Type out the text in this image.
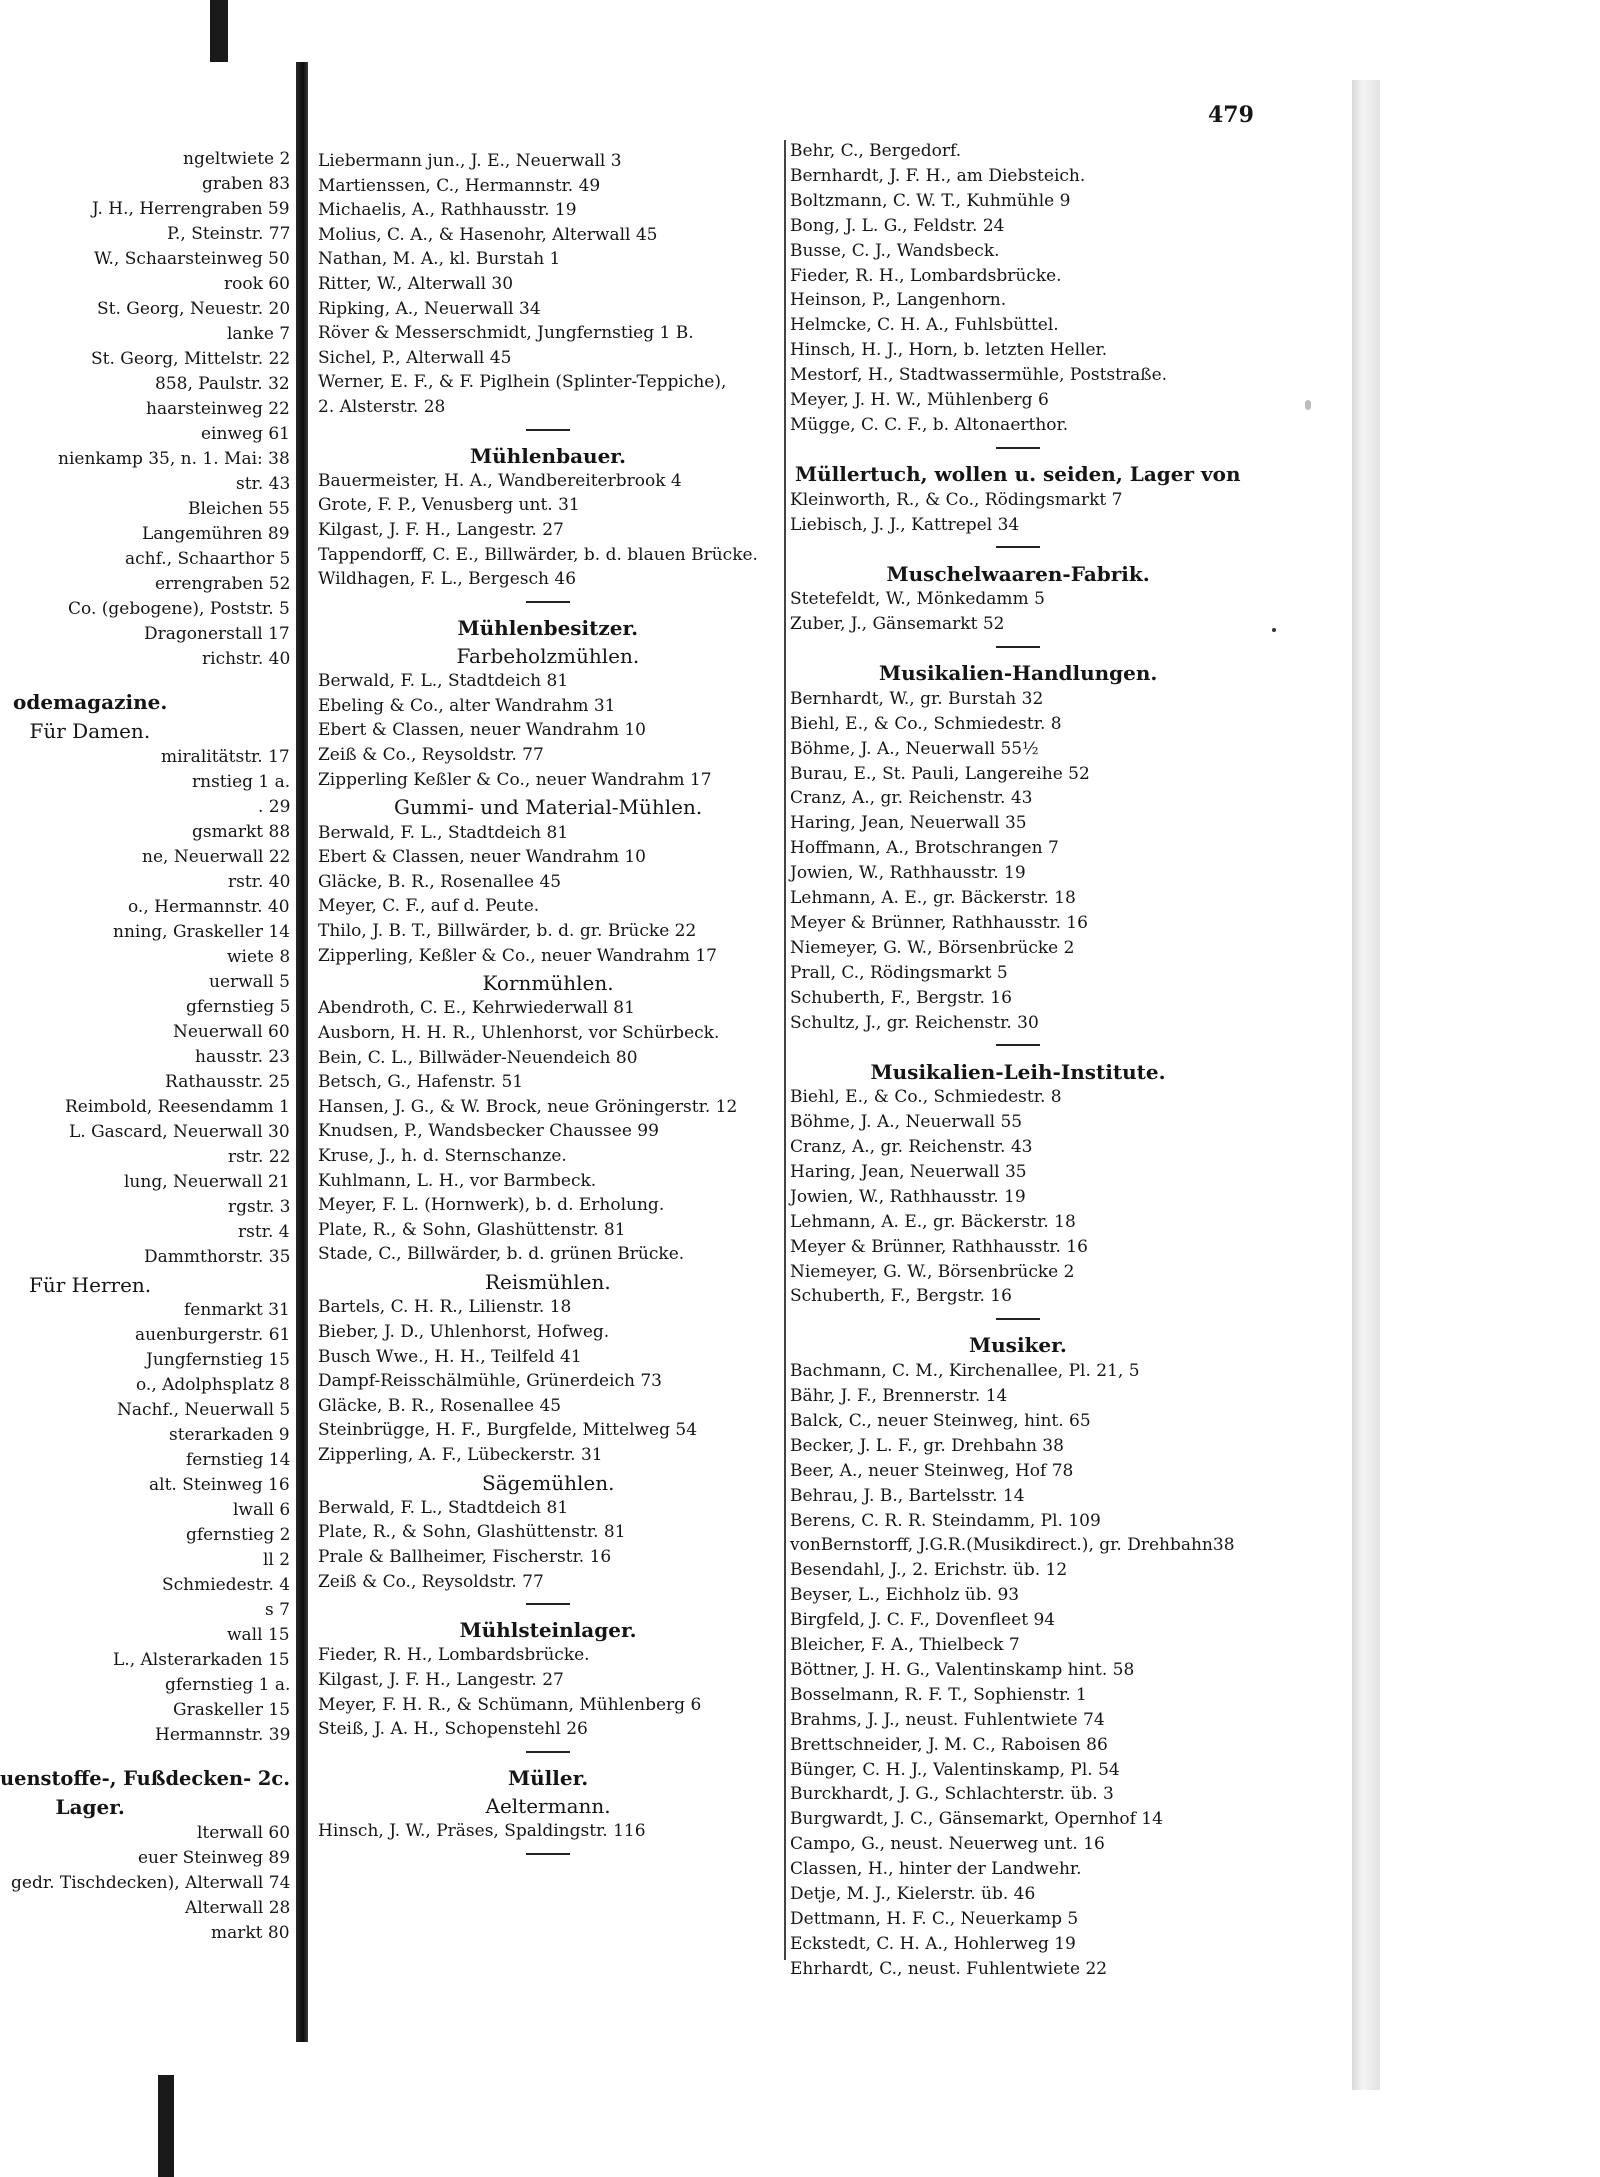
479
ngeltwiete 2
graben 83
J. H., Herrengraben 59
P., Steinstr. 77
W., Schaarsteinweg 50
rook 60
St. Georg, Neuestr. 20
lanke 7
St. Georg, Mittelstr. 22
858, Paulstr. 32
haarsteinweg 22
einweg 61
nienkamp 35, n. 1. Mai: 38
str. 43
Bleichen 55
Langemühren 89
achf., Schaarthor 5
errengraben 52
Co. (gebogene), Poststr. 5
Dragonerstall 17
richstr. 40
odemagazine.
Für Damen.
miralitätstr. 17
rnstieg 1 a.
. 29
gsmarkt 88
ne, Neuerwall 22
rstr. 40
o., Hermannstr. 40
nning, Graskeller 14
wiete 8
uerwall 5
gfernstieg 5
Neuerwall 60
hausstr. 23
Rathausstr. 25
Reimbold, Reesendamm 1
L. Gascard, Neuerwall 30
rstr. 22
lung, Neuerwall 21
rgstr. 3
rstr. 4
Dammthorstr. 35
Für Herren.
fenmarkt 31
auenburgerstr. 61
Jungfernstieg 15
o., Adolphsplatz 8
Nachf., Neuerwall 5
sterarkaden 9
fernstieg 14
alt. Steinweg 16
lwall 6
gfernstieg 2
ll 2
Schmiedestr. 4
s 7
wall 15
L., Alsterarkaden 15
gfernstieg 1 a.
Graskeller 15
Hermannstr. 39
uenstoffe-, Fußdecken- 2c.
Lager.
lterwall 60
euer Steinweg 89
gedr. Tischdecken), Alterwall 74
Alterwall 28
markt 80
Liebermann jun., J. E., Neuerwall 3
Martienssen, C., Hermannstr. 49
Michaelis, A., Rathhausstr. 19
Molius, C. A., & Hasenohr, Alterwall 45
Nathan, M. A., kl. Burstah 1
Ritter, W., Alterwall 30
Ripking, A., Neuerwall 34
Röver & Messerschmidt, Jungfernstieg 1 B.
Sichel, P., Alterwall 45
Werner, E. F., & F. Piglhein (Splinter-Teppiche),
2. Alsterstr. 28
Mühlenbauer.
Bauermeister, H. A., Wandbereiterbrook 4
Grote, F. P., Venusberg unt. 31
Kilgast, J. F. H., Langestr. 27
Tappendorff, C. E., Billwärder, b. d. blauen Brücke.
Wildhagen, F. L., Bergesch 46
Mühlenbesitzer.
Farbeholzmühlen.
Berwald, F. L., Stadtdeich 81
Ebeling & Co., alter Wandrahm 31
Ebert & Classen, neuer Wandrahm 10
Zeiß & Co., Reysoldstr. 77
Zipperling Keßler & Co., neuer Wandrahm 17
Gummi- und Material-Mühlen.
Berwald, F. L., Stadtdeich 81
Ebert & Classen, neuer Wandrahm 10
Gläcke, B. R., Rosenallee 45
Meyer, C. F., auf d. Peute.
Thilo, J. B. T., Billwärder, b. d. gr. Brücke 22
Zipperling, Keßler & Co., neuer Wandrahm 17
Kornmühlen.
Abendroth, C. E., Kehrwiederwall 81
Ausborn, H. H. R., Uhlenhorst, vor Schürbeck.
Bein, C. L., Billwäder-Neuendeich 80
Betsch, G., Hafenstr. 51
Hansen, J. G., & W. Brock, neue Gröningerstr. 12
Knudsen, P., Wandsbecker Chaussee 99
Kruse, J., h. d. Sternschanze.
Kuhlmann, L. H., vor Barmbeck.
Meyer, F. L. (Hornwerk), b. d. Erholung.
Plate, R., & Sohn, Glashüttenstr. 81
Stade, C., Billwärder, b. d. grünen Brücke.
Reismühlen.
Bartels, C. H. R., Lilienstr. 18
Bieber, J. D., Uhlenhorst, Hofweg.
Busch Wwe., H. H., Teilfeld 41
Dampf-Reisschälmühle, Grünerdeich 73
Gläcke, B. R., Rosenallee 45
Steinbrügge, H. F., Burgfelde, Mittelweg 54
Zipperling, A. F., Lübeckerstr. 31
Sägemühlen.
Berwald, F. L., Stadtdeich 81
Plate, R., & Sohn, Glashüttenstr. 81
Prale & Ballheimer, Fischerstr. 16
Zeiß & Co., Reysoldstr. 77
Mühlsteinlager.
Fieder, R. H., Lombardsbrücke.
Kilgast, J. F. H., Langestr. 27
Meyer, F. H. R., & Schümann, Mühlenberg 6
Steiß, J. A. H., Schopenstehl 26
Müller.
Aeltermann.
Hinsch, J. W., Präses, Spaldingstr. 116
Behr, C., Bergedorf.
Bernhardt, J. F. H., am Diebsteich.
Boltzmann, C. W. T., Kuhmühle 9
Bong, J. L. G., Feldstr. 24
Busse, C. J., Wandsbeck.
Fieder, R. H., Lombardsbrücke.
Heinson, P., Langenhorn.
Helmcke, C. H. A., Fuhlsbüttel.
Hinsch, H. J., Horn, b. letzten Heller.
Mestorf, H., Stadtwassermühle, Poststraße.
Meyer, J. H. W., Mühlenberg 6
Mügge, C. C. F., b. Altonaerthor.
Müllertuch, wollen u. seiden, Lager von
Kleinworth, R., & Co., Rödingsmarkt 7
Liebisch, J. J., Kattrepel 34
Muschelwaaren-Fabrik.
Stetefeldt, W., Mönkedamm 5
Zuber, J., Gänsemarkt 52
Musikalien-Handlungen.
Bernhardt, W., gr. Burstah 32
Biehl, E., & Co., Schmiedestr. 8
Böhme, J. A., Neuerwall 55½
Burau, E., St. Pauli, Langereihe 52
Cranz, A., gr. Reichenstr. 43
Haring, Jean, Neuerwall 35
Hoffmann, A., Brotschrangen 7
Jowien, W., Rathhausstr. 19
Lehmann, A. E., gr. Bäckerstr. 18
Meyer & Brünner, Rathhausstr. 16
Niemeyer, G. W., Börsenbrücke 2
Prall, C., Rödingsmarkt 5
Schuberth, F., Bergstr. 16
Schultz, J., gr. Reichenstr. 30
Musikalien-Leih-Institute.
Biehl, E., & Co., Schmiedestr. 8
Böhme, J. A., Neuerwall 55
Cranz, A., gr. Reichenstr. 43
Haring, Jean, Neuerwall 35
Jowien, W., Rathhausstr. 19
Lehmann, A. E., gr. Bäckerstr. 18
Meyer & Brünner, Rathhausstr. 16
Niemeyer, G. W., Börsenbrücke 2
Schuberth, F., Bergstr. 16
Musiker.
Bachmann, C. M., Kirchenallee, Pl. 21, 5
Bähr, J. F., Brennerstr. 14
Balck, C., neuer Steinweg, hint. 65
Becker, J. L. F., gr. Drehbahn 38
Beer, A., neuer Steinweg, Hof 78
Behrau, J. B., Bartelsstr. 14
Berens, C. R. R. Steindamm, Pl. 109
vonBernstorff, J.G.R.(Musikdirect.), gr. Drehbahn38
Besendahl, J., 2. Erichstr. üb. 12
Beyser, L., Eichholz üb. 93
Birgfeld, J. C. F., Dovenfleet 94
Bleicher, F. A., Thielbeck 7
Böttner, J. H. G., Valentinskamp hint. 58
Bosselmann, R. F. T., Sophienstr. 1
Brahms, J. J., neust. Fuhlentwiete 74
Brettschneider, J. M. C., Raboisen 86
Bünger, C. H. J., Valentinskamp, Pl. 54
Burckhardt, J. G., Schlachterstr. üb. 3
Burgwardt, J. C., Gänsemarkt, Opernhof 14
Campo, G., neust. Neuerweg unt. 16
Classen, H., hinter der Landwehr.
Detje, M. J., Kielerstr. üb. 46
Dettmann, H. F. C., Neuerkamp 5
Eckstedt, C. H. A., Hohlerweg 19
Ehrhardt, C., neust. Fuhlentwiete 22
